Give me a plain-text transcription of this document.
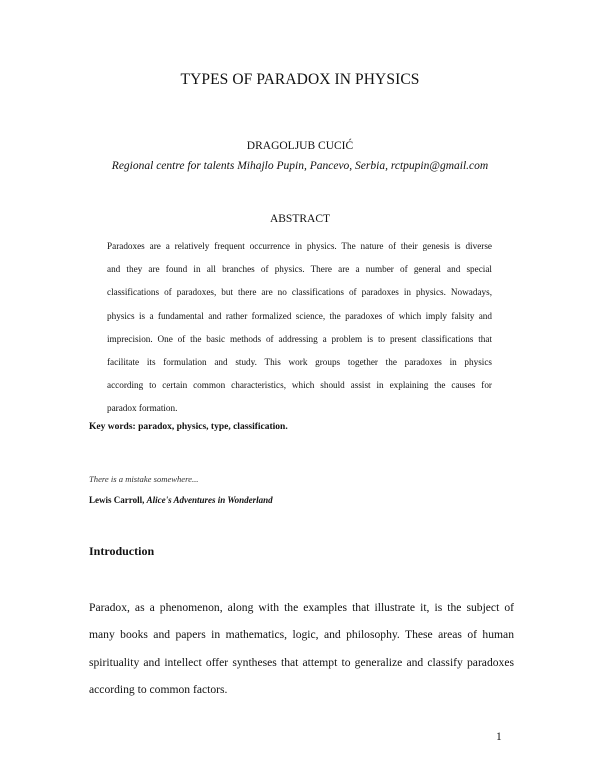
TYPES OF PARADOX IN PHYSICS
DRAGOLJUB CUCIĆ
Regional centre for talents Mihajlo Pupin, Pancevo, Serbia, rctpupin@gmail.com
ABSTRACT
Paradoxes are a relatively frequent occurrence in physics. The nature of their genesis is diverse
and they are found in all branches of physics. There are a number of general and special
classifications of paradoxes, but there are no classifications of paradoxes in physics. Nowadays,
physics is a fundamental and rather formalized science, the paradoxes of which imply falsity and
imprecision. One of the basic methods of addressing a problem is to present classifications that
facilitate its formulation and study. This work groups together the paradoxes in physics
according to certain common characteristics, which should assist in explaining the causes for
paradox formation.
Key words: paradox, physics, type, classification.
There is a mistake somewhere...
Lewis Carroll, Alice's Adventures in Wonderland
Introduction
Paradox, as a phenomenon, along with the examples that illustrate it, is the subject of
many books and papers in mathematics, logic, and philosophy. These areas of human
spirituality and intellect offer syntheses that attempt to generalize and classify paradoxes
according to common factors.
1
